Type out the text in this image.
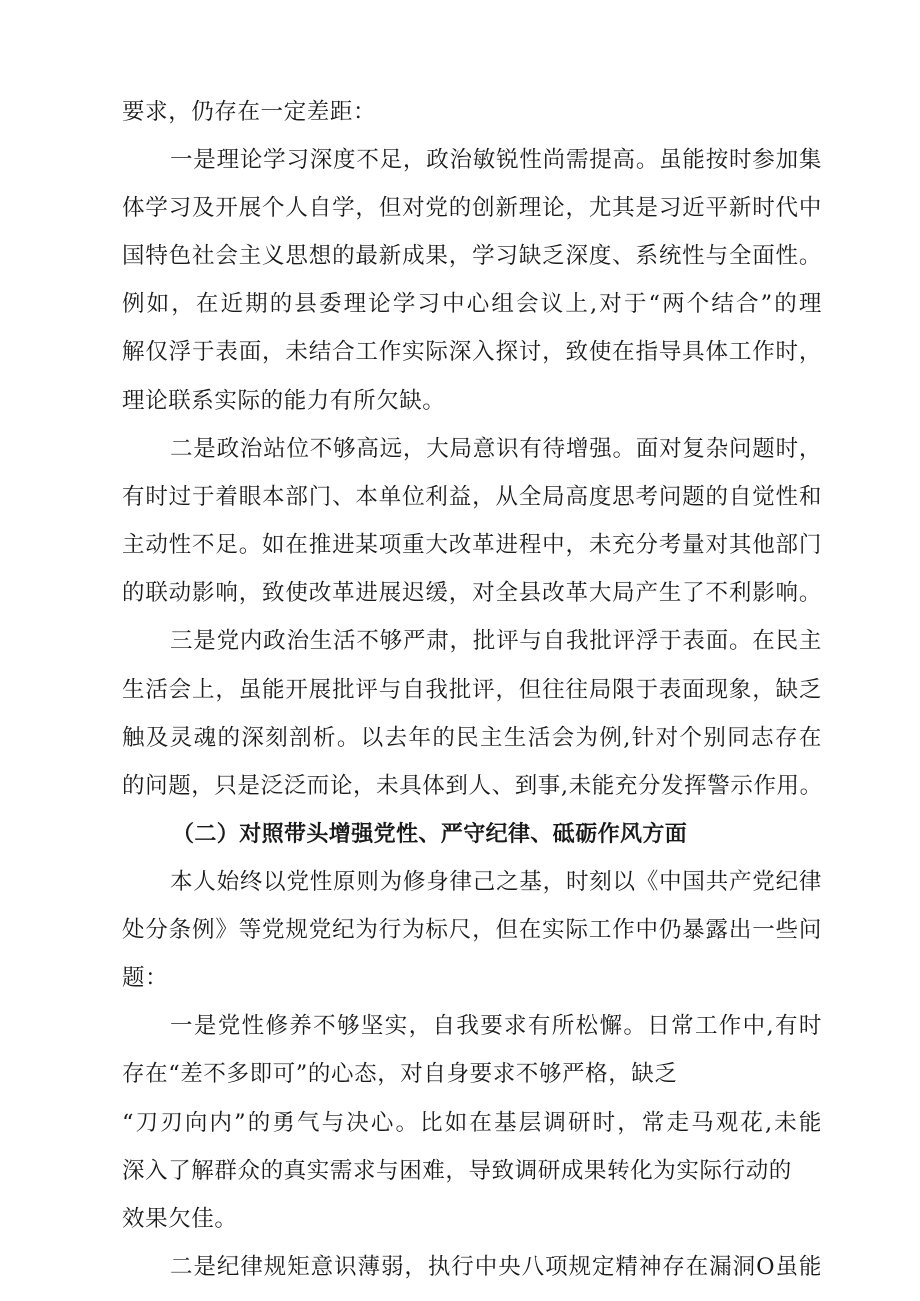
要求，仍存在一定差距：
一是理论学习深度不足，政治敏锐性尚需提高。虽能按时参加集
体学习及开展个人自学，但对党的创新理论，尤其是习近平新时代中
国特色社会主义思想的最新成果，学习缺乏深度、系统性与全面性。
例如，在近期的县委理论学习中心组会议上,对于“两个结合”的理
解仅浮于表面，未结合工作实际深入探讨，致使在指导具体工作时，
理论联系实际的能力有所欠缺。
二是政治站位不够高远，大局意识有待增强。面对复杂问题时，
有时过于着眼本部门、本单位利益，从全局高度思考问题的自觉性和
主动性不足。如在推进某项重大改革进程中，未充分考量对其他部门
的联动影响，致使改革进展迟缓，对全县改革大局产生了不利影响。
三是党内政治生活不够严肃，批评与自我批评浮于表面。在民主
生活会上，虽能开展批评与自我批评，但往往局限于表面现象，缺乏
触及灵魂的深刻剖析。以去年的民主生活会为例,针对个别同志存在
的问题，只是泛泛而论，未具体到人、到事,未能充分发挥警示作用。
（二）对照带头增强党性、严守纪律、砥砺作风方面
本人始终以党性原则为修身律己之基，时刻以《中国共产党纪律
处分条例》等党规党纪为行为标尺，但在实际工作中仍暴露出一些问
题：
一是党性修养不够坚实，自我要求有所松懈。日常工作中,有时
存在“差不多即可”的心态，对自身要求不够严格，缺乏
“刀刃向内”的勇气与决心。比如在基层调研时，常走马观花,未能
深入了解群众的真实需求与困难，导致调研成果转化为实际行动的
效果欠佳。
二是纪律规矩意识薄弱，执行中央八项规定精神存在漏洞O虽能
